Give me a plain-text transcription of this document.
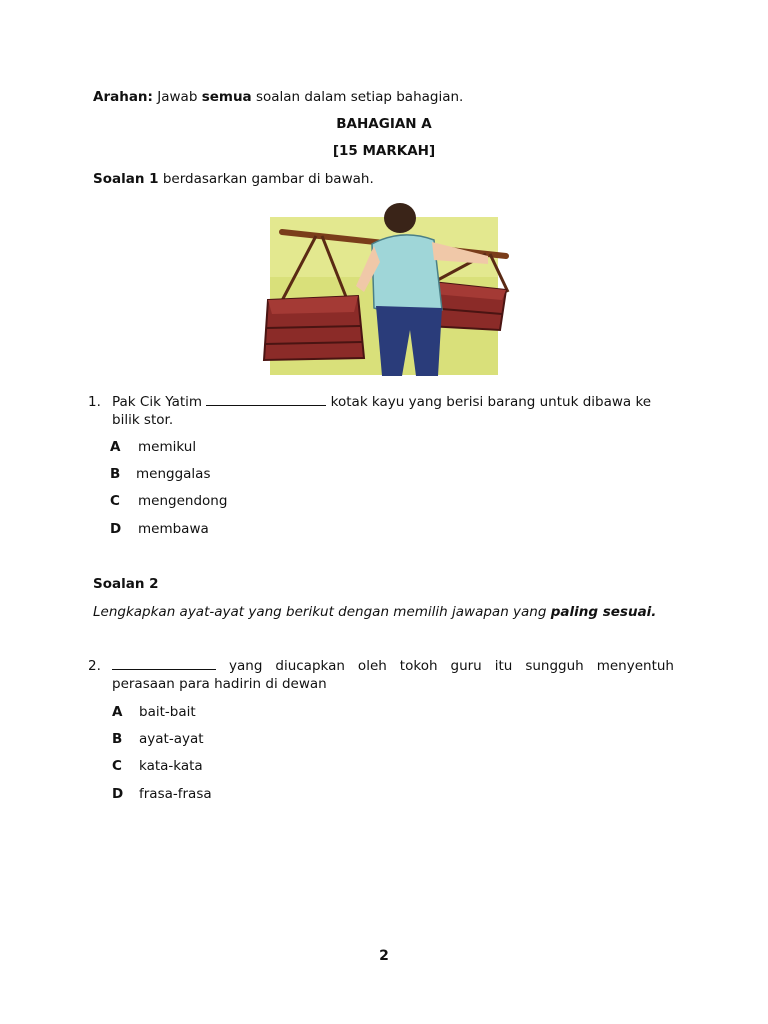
Arahan: Jawab semua soalan dalam setiap bahagian.
BAHAGIAN A
[15 MARKAH]
Soalan 1 berdasarkan gambar di bawah.
1. Pak Cik Yatim	kotak kayu yang berisi barang untuk dibawa ke
bilik stor.
A memikul
B menggalas
C mengendong
D membawa
Soalan 2
Lengkapkan ayat-ayat yang berikut dengan memilih jawapan yang paling sesuai.
2.	yang diucapkan oleh tokoh guru itu sungguh menyentuh
perasaan para hadirin di dewan
A bait-bait
B ayat-ayat
C kata-kata
D frasa-frasa
2
